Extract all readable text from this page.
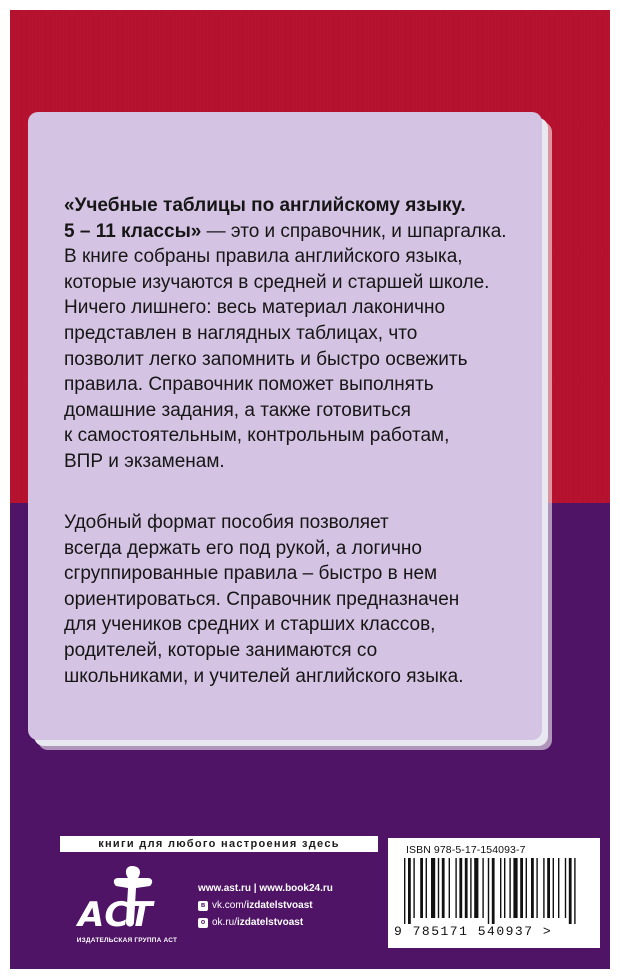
«Учебные таблицы по английскому языку.
5 – 11 классы» — это и справочник, и шпаргалка.
В книге собраны правила английского языка,
которые изучаются в средней и старшей школе.
Ничего лишнего: весь материал лаконично
представлен в наглядных таблицах, что
позволит легко запомнить и быстро освежить
правила. Справочник поможет выполнять
домашние задания, а также готовиться
к самостоятельным, контрольным работам,
ВПР и экзаменам.
Удобный формат пособия позволяет
всегда держать его под рукой, а логично
сгруппированные правила – быстро в нем
ориентироваться. Справочник предназначен
для учеников средних и старших классов,
родителей, которые занимаются со
школьниками, и учителей английского языка.
книги для любого настроения здесь
АСТ
ИЗДАТЕЛЬСКАЯ ГРУППА АСТ
www.ast.ru | www.book24.ru
в vk.com/ izdatelstvoast
о ok.ru/ izdatelstvoast
ISBN 978-5-17-154093-7
9 785171 540937 >
